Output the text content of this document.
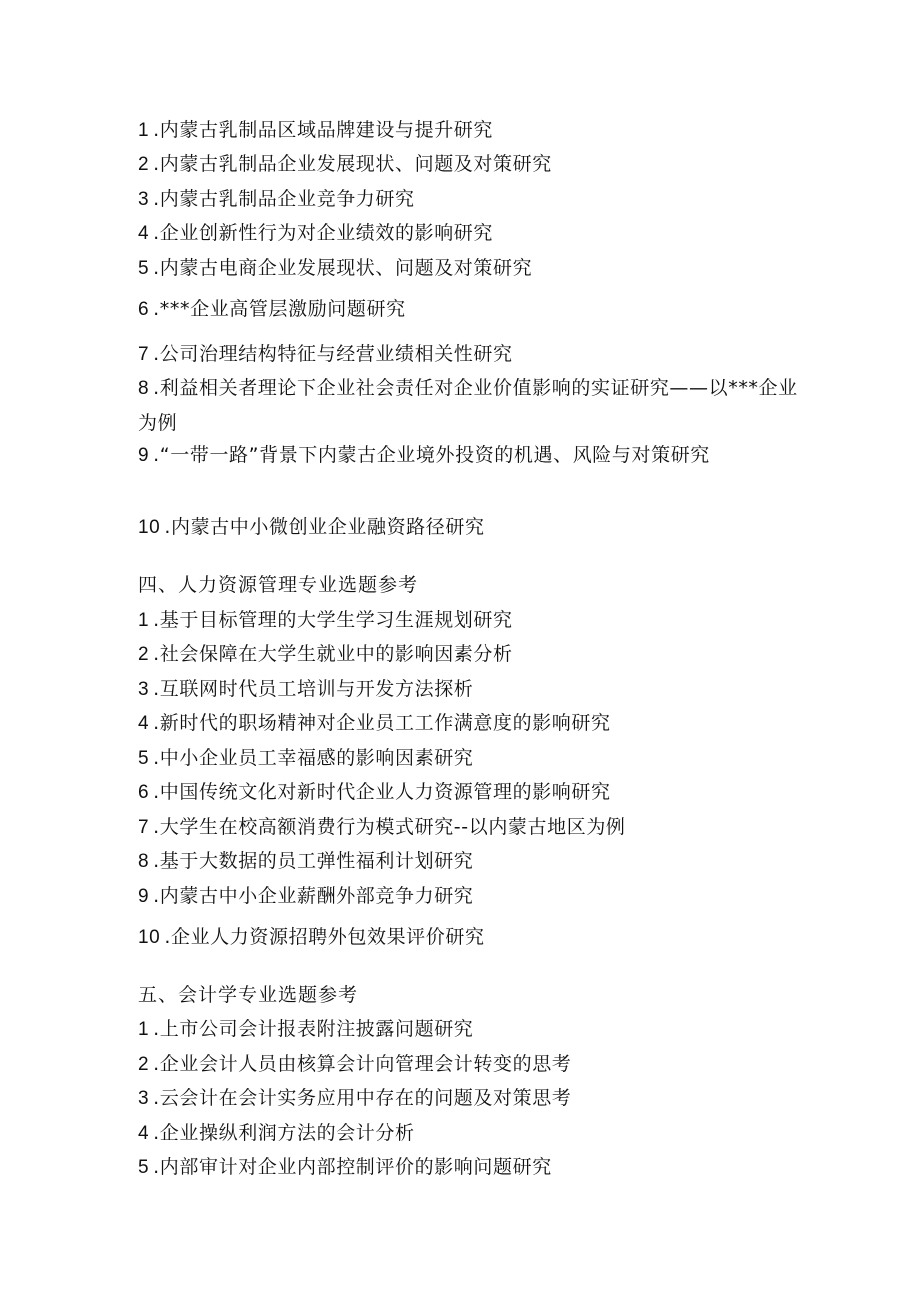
1 .内蒙古乳制品区域品牌建设与提升研究
2 .内蒙古乳制品企业发展现状、问题及对策研究
3 .内蒙古乳制品企业竞争力研究
4 .企业创新性行为对企业绩效的影响研究
5 .内蒙古电商企业发展现状、问题及对策研究
6 .***企业高管层激励问题研究
7 .公司治理结构特征与经营业绩相关性研究
8 .利益相关者理论下企业社会责任对企业价值影响的实证研究——以***企业为例
9 .“一带一路”背景下内蒙古企业境外投资的机遇、风险与对策研究
10 .内蒙古中小微创业企业融资路径研究
四、人力资源管理专业选题参考
1 .基于目标管理的大学生学习生涯规划研究
2 .社会保障在大学生就业中的影响因素分析
3 .互联网时代员工培训与开发方法探析
4 .新时代的职场精神对企业员工工作满意度的影响研究
5 .中小企业员工幸福感的影响因素研究
6 .中国传统文化对新时代企业人力资源管理的影响研究
7 .大学生在校高额消费行为模式研究--以内蒙古地区为例
8 .基于大数据的员工弹性福利计划研究
9 .内蒙古中小企业薪酬外部竞争力研究
10 .企业人力资源招聘外包效果评价研究
五、会计学专业选题参考
1 .上市公司会计报表附注披露问题研究
2 .企业会计人员由核算会计向管理会计转变的思考
3 .云会计在会计实务应用中存在的问题及对策思考
4 .企业操纵利润方法的会计分析
5 .内部审计对企业内部控制评价的影响问题研究
